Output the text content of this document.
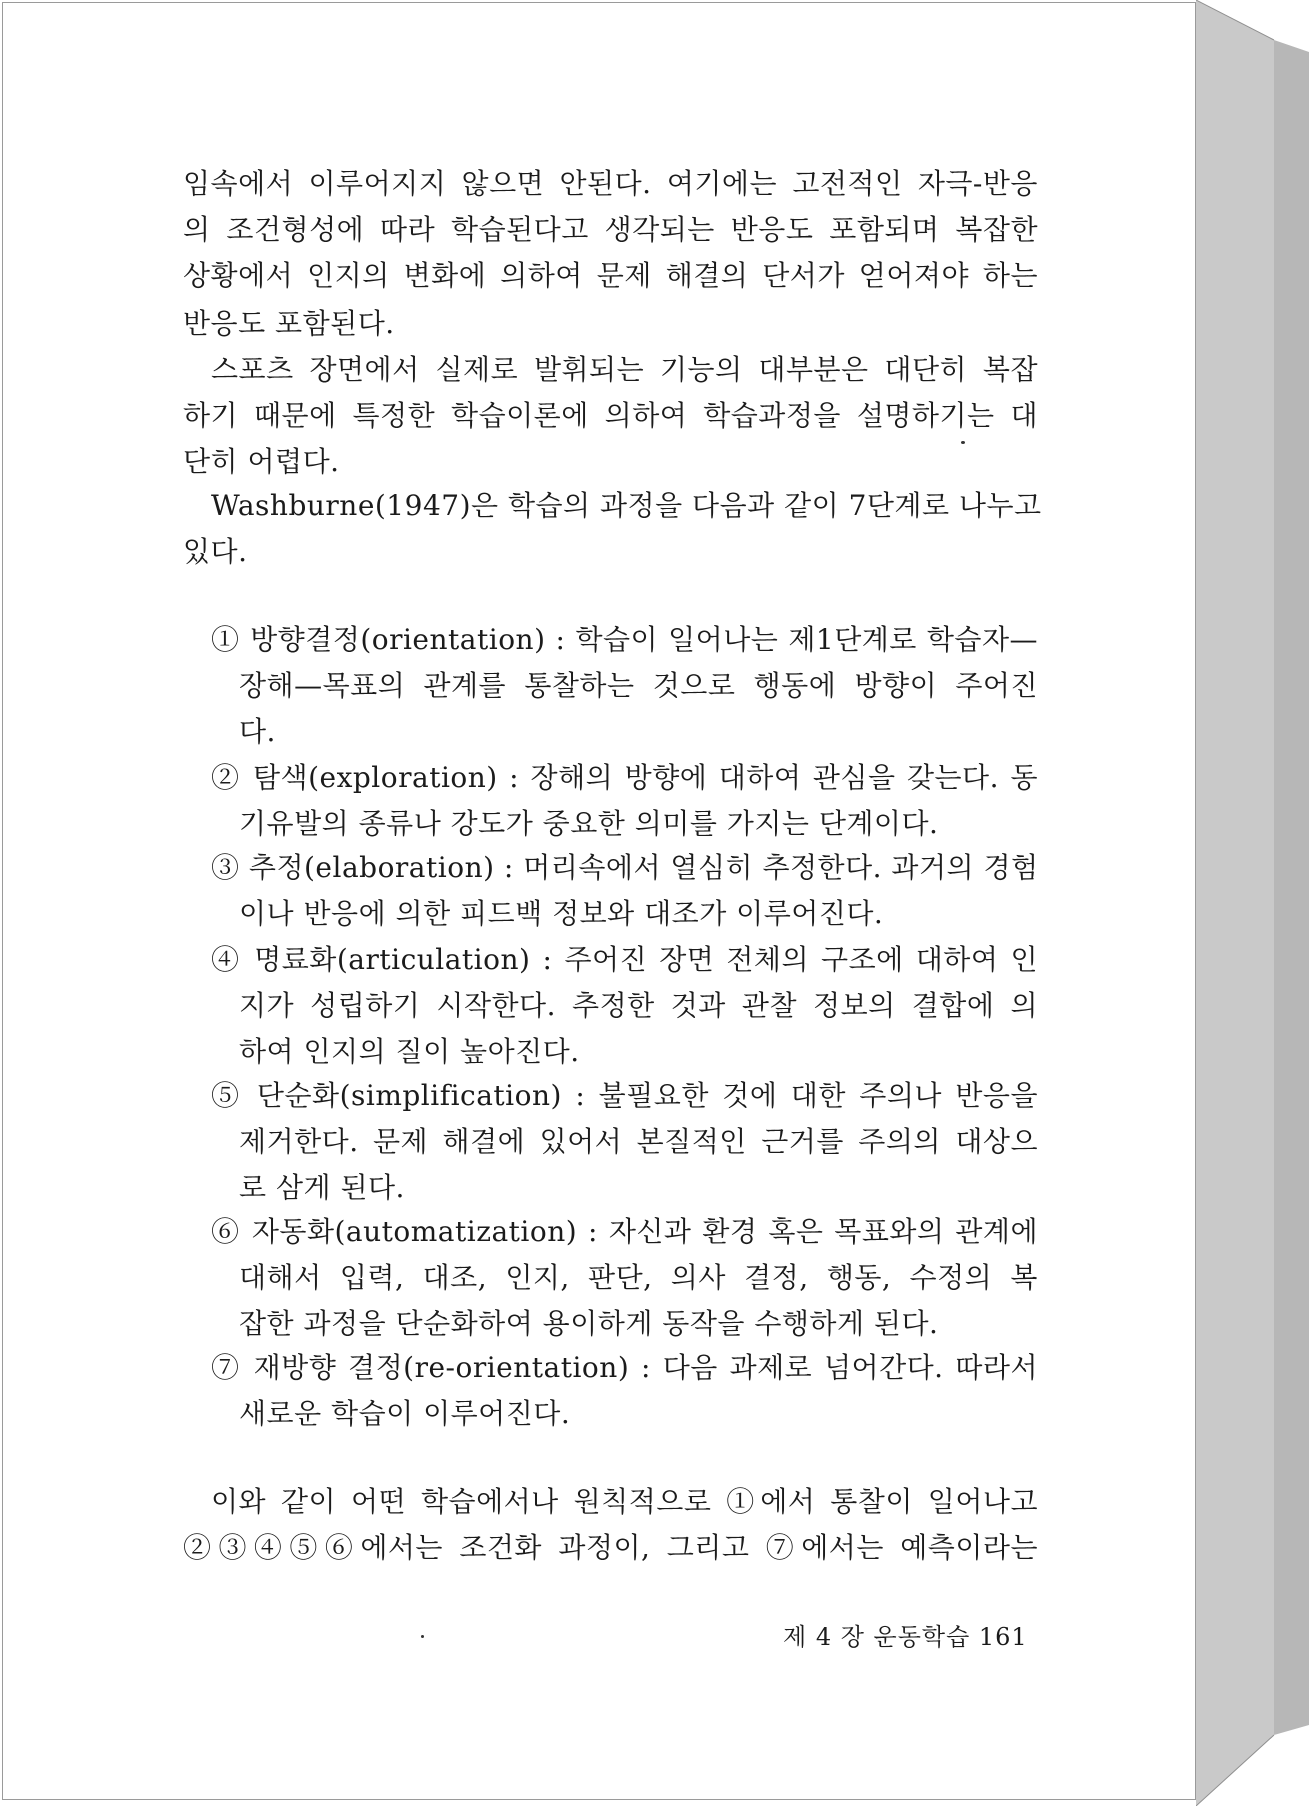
임속에서 이루어지지 않으면 안된다. 여기에는 고전적인 자극-반응
의 조건형성에 따라 학습된다고 생각되는 반응도 포함되며 복잡한
상황에서 인지의 변화에 의하여 문제 해결의 단서가 얻어져야 하는
반응도 포함된다.
스포츠 장면에서 실제로 발휘되는 기능의 대부분은 대단히 복잡
하기 때문에 특정한 학습이론에 의하여 학습과정을 설명하기는 대
단히 어렵다.
Washburne(1947)은 학습의 과정을 다음과 같이 7단계로 나누고
있다.
① 방향결정(orientation) : 학습이 일어나는 제1단계로 학습자—
장해—목표의 관계를 통찰하는 것으로 행동에 방향이 주어진
다.
② 탐색(exploration) : 장해의 방향에 대하여 관심을 갖는다. 동
기유발의 종류나 강도가 중요한 의미를 가지는 단계이다.
③ 추정(elaboration) : 머리속에서 열심히 추정한다. 과거의 경험
이나 반응에 의한 피드백 정보와 대조가 이루어진다.
④ 명료화(articulation) : 주어진 장면 전체의 구조에 대하여 인
지가 성립하기 시작한다. 추정한 것과 관찰 정보의 결합에 의
하여 인지의 질이 높아진다.
⑤ 단순화(simplification) : 불필요한 것에 대한 주의나 반응을
제거한다. 문제 해결에 있어서 본질적인 근거를 주의의 대상으
로 삼게 된다.
⑥ 자동화(automatization) : 자신과 환경 혹은 목표와의 관계에
대해서 입력, 대조, 인지, 판단, 의사 결정, 행동, 수정의 복
잡한 과정을 단순화하여 용이하게 동작을 수행하게 된다.
⑦ 재방향 결정(re-orientation) : 다음 과제로 넘어간다. 따라서
새로운 학습이 이루어진다.
이와 같이 어떤 학습에서나 원칙적으로 ①에서 통찰이 일어나고
②③④⑤⑥에서는 조건화 과정이, 그리고 ⑦에서는 예측이라는
제 4 장 운동학습 161
